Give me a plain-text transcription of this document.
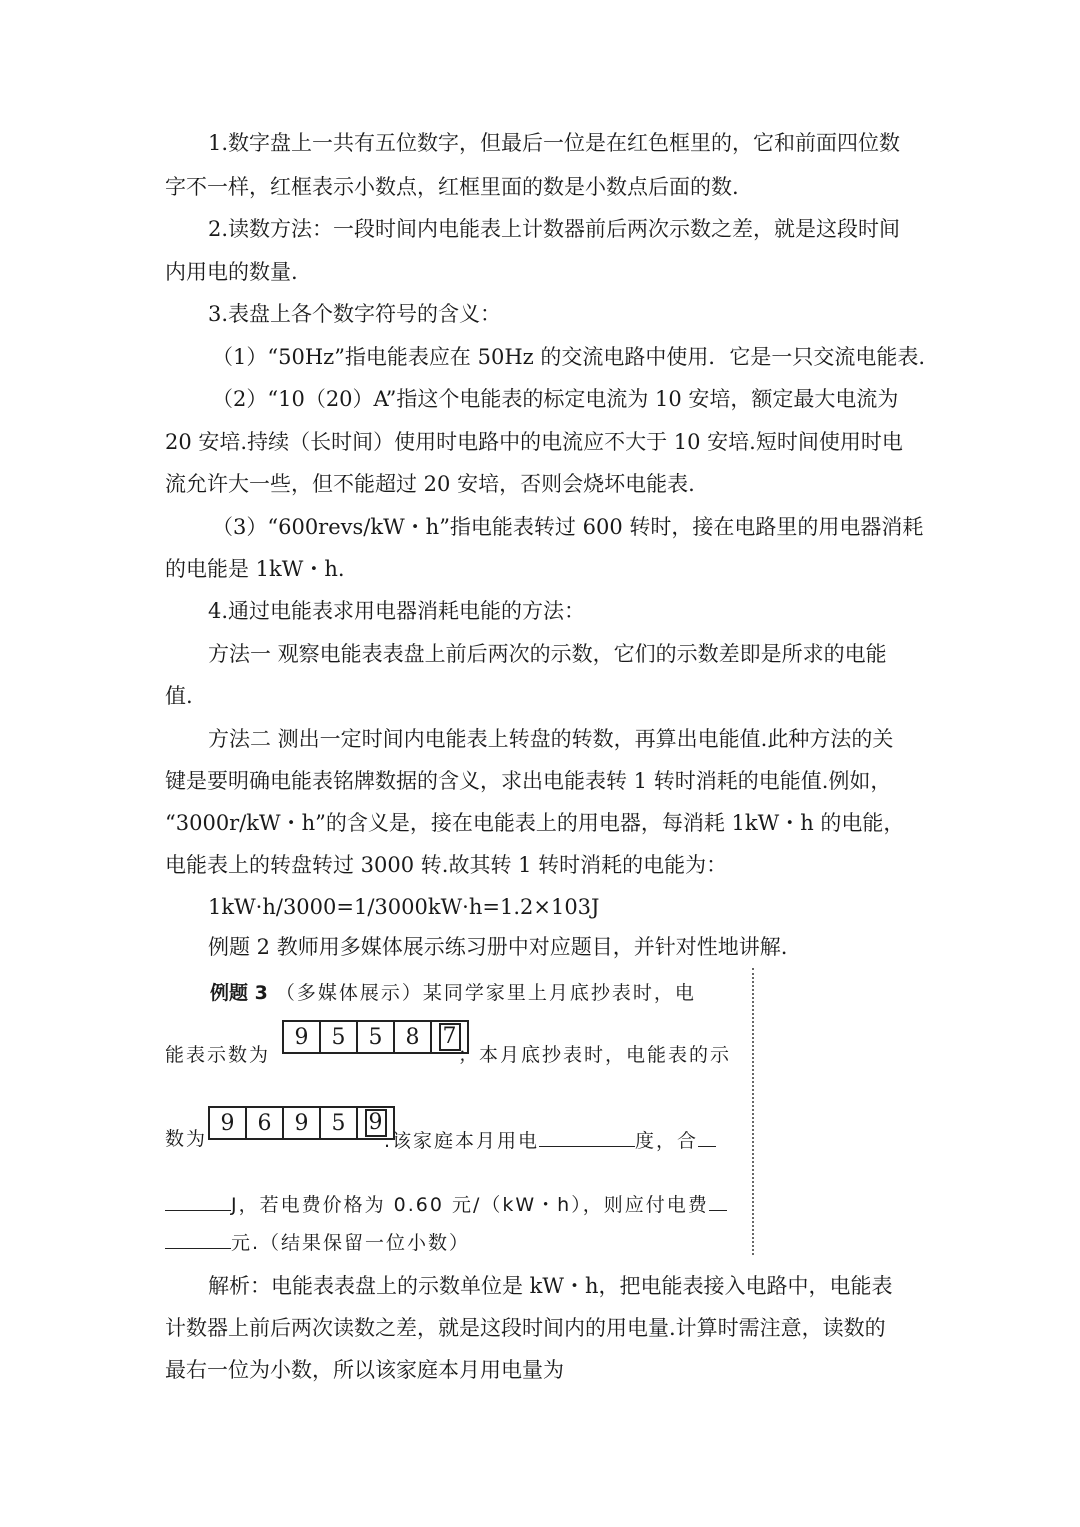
1.数字盘上一共有五位数字，但最后一位是在红色框里的，它和前面四位数
字不一样，红框表示小数点，红框里面的数是小数点后面的数.
2.读数方法：一段时间内电能表上计数器前后两次示数之差，就是这段时间
内用电的数量.
3.表盘上各个数字符号的含义：
（1）“50Hz”指电能表应在 50Hz 的交流电路中使用．它是一只交流电能表.
（2）“10（20）A”指这个电能表的标定电流为 10 安培，额定最大电流为
20 安培.持续（长时间）使用时电路中的电流应不大于 10 安培.短时间使用时电
流允许大一些，但不能超过 20 安培，否则会烧坏电能表.
（3）“600revs/kW・h”指电能表转过 600 转时，接在电路里的用电器消耗
的电能是 1kW・h.
4.通过电能表求用电器消耗电能的方法：
方法一 观察电能表表盘上前后两次的示数，它们的示数差即是所求的电能
值.
方法二 测出一定时间内电能表上转盘的转数，再算出电能值.此种方法的关
键是要明确电能表铭牌数据的含义，求出电能表转 1 转时消耗的电能值.例如，
“3000r/kW・h”的含义是，接在电能表上的用电器，每消耗 1kW・h 的电能，
电能表上的转盘转过 3000 转.故其转 1 转时消耗的电能为：
1kW·h/3000=1/3000kW·h=1.2×103J
例题 2 教师用多媒体展示练习册中对应题目，并针对性地讲解.
例题 3 （多媒体展示）某同学家里上月底抄表时，电
能表示数为
9	5	5	8	7
；本月底抄表时，电能表的示
数为
9	6	9	5	9
.该家庭本月用电	度，合
J，若电费价格为 0.60 元/（kW・h），则应付电费
元.（结果保留一位小数）
解析：电能表表盘上的示数单位是 kW・h，把电能表接入电路中，电能表
计数器上前后两次读数之差，就是这段时间内的用电量.计算时需注意，读数的
最右一位为小数，所以该家庭本月用电量为
